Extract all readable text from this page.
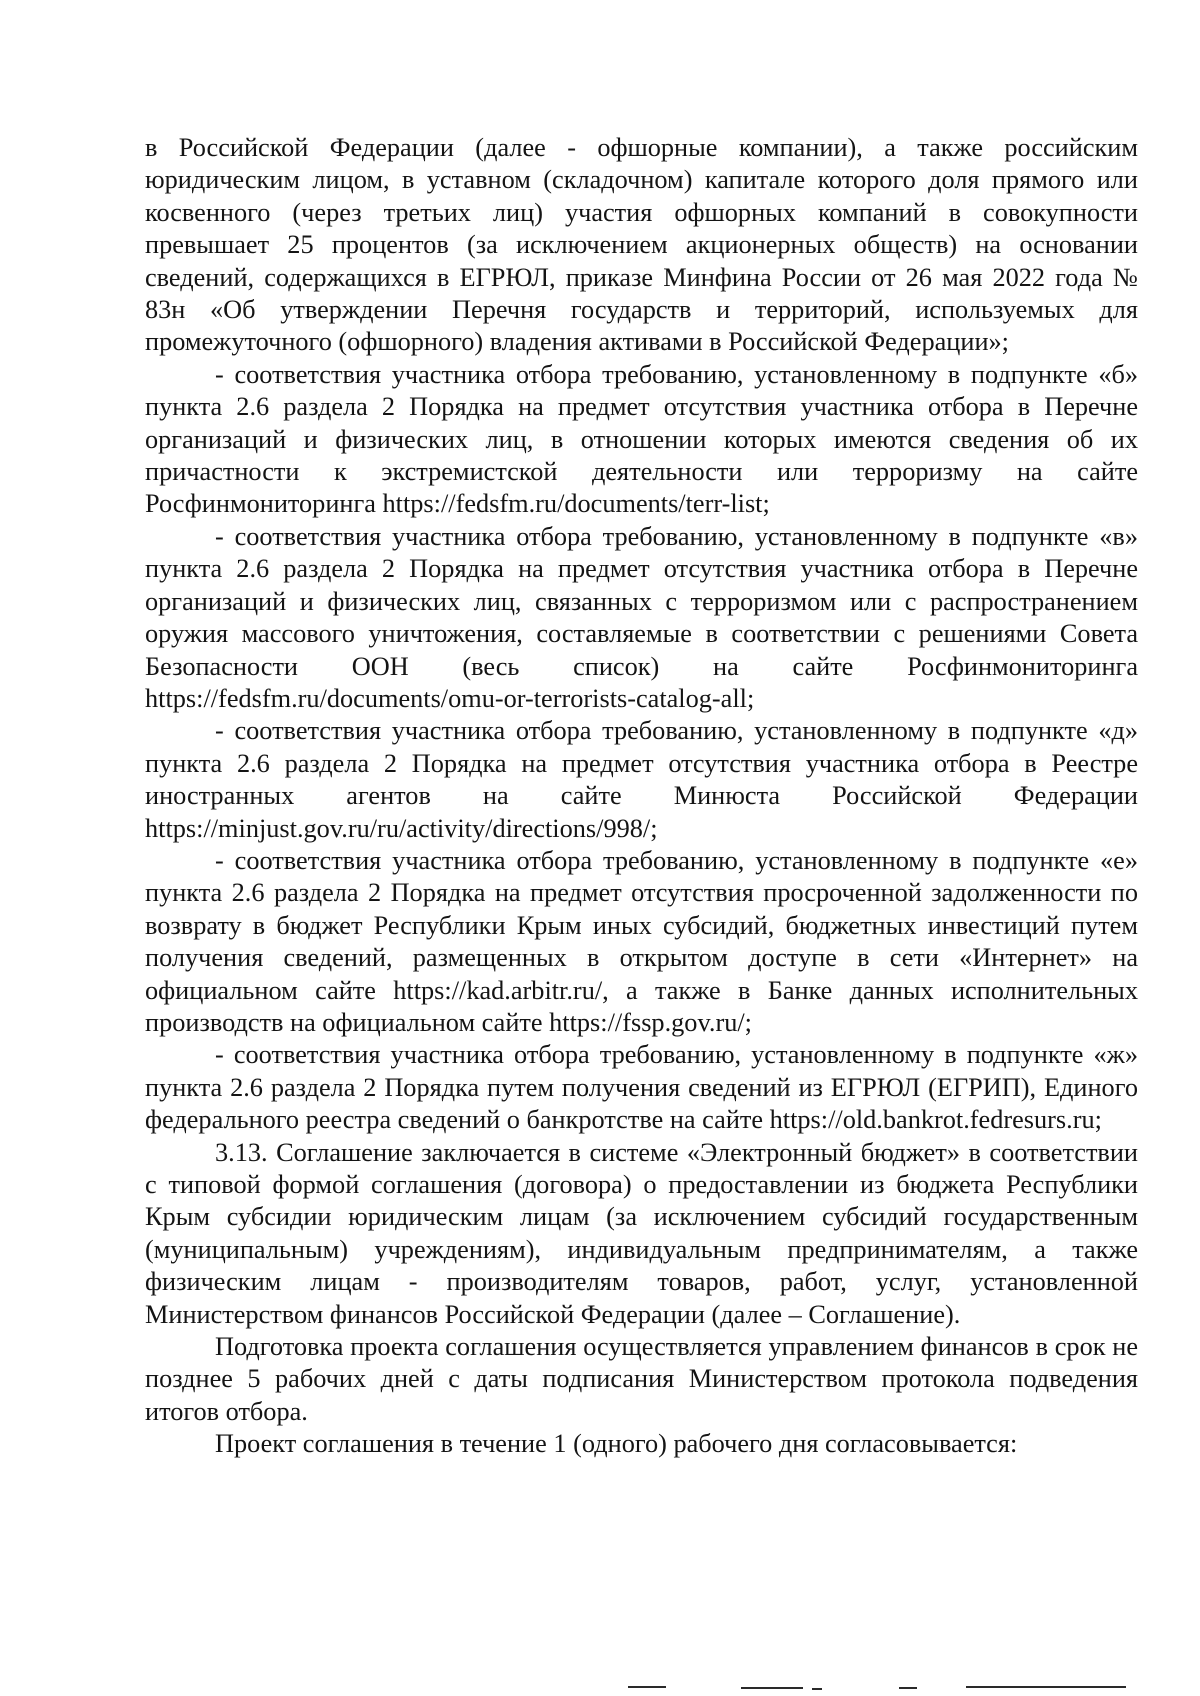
в Российской Федерации (далее - офшорные компании), а также российским юридическим лицом, в уставном (складочном) капитале которого доля прямого или косвенного (через третьих лиц) участия офшорных компаний в совокупности превышает 25 процентов (за исключением акционерных обществ) на основании сведений, содержащихся в ЕГРЮЛ, приказе Минфина России от 26 мая 2022 года № 83н «Об утверждении Перечня государств и территорий, используемых для промежуточного (офшорного) владения активами в Российской Федерации»;

- соответствия участника отбора требованию, установленному в подпункте «б» пункта 2.6 раздела 2 Порядка на предмет отсутствия участника отбора в Перечне организаций и физических лиц, в отношении которых имеются сведения об их причастности к экстремистской деятельности или терроризму на сайте Росфинмониторинга https://fedsfm.ru/documents/terr-list;

- соответствия участника отбора требованию, установленному в подпункте «в» пункта 2.6 раздела 2 Порядка на предмет отсутствия участника отбора в Перечне организаций и физических лиц, связанных с терроризмом или с распространением оружия массового уничтожения, составляемые в соответствии с решениями Совета Безопасности ООН (весь список) на сайте Росфинмониторинга https://fedsfm.ru/documents/omu-or-terrorists-catalog-all;

- соответствия участника отбора требованию, установленному в подпункте «д» пункта 2.6 раздела 2 Порядка на предмет отсутствия участника отбора в Реестре иностранных агентов на сайте Минюста Российской Федерации https://minjust.gov.ru/ru/activity/directions/998/;

- соответствия участника отбора требованию, установленному в подпункте «е» пункта 2.6 раздела 2 Порядка на предмет отсутствия просроченной задолженности по возврату в бюджет Республики Крым иных субсидий, бюджетных инвестиций путем получения сведений, размещенных в открытом доступе в сети «Интернет» на официальном сайте https://kad.arbitr.ru/, а также в Банке данных исполнительных производств на официальном сайте https://fssp.gov.ru/;

- соответствия участника отбора требованию, установленному в подпункте «ж» пункта 2.6 раздела 2 Порядка путем получения сведений из ЕГРЮЛ (ЕГРИП), Единого федерального реестра сведений о банкротстве на сайте https://old.bankrot.fedresurs.ru;

3.13. Соглашение заключается в системе «Электронный бюджет» в соответствии с типовой формой соглашения (договора) о предоставлении из бюджета Республики Крым субсидии юридическим лицам (за исключением субсидий государственным (муниципальным) учреждениям), индивидуальным предпринимателям, а также физическим лицам - производителям товаров, работ, услуг, установленной Министерством финансов Российской Федерации (далее – Соглашение).

Подготовка проекта соглашения осуществляется управлением финансов в срок не позднее 5 рабочих дней с даты подписания Министерством протокола подведения итогов отбора.

Проект соглашения в течение 1 (одного) рабочего дня согласовывается:
